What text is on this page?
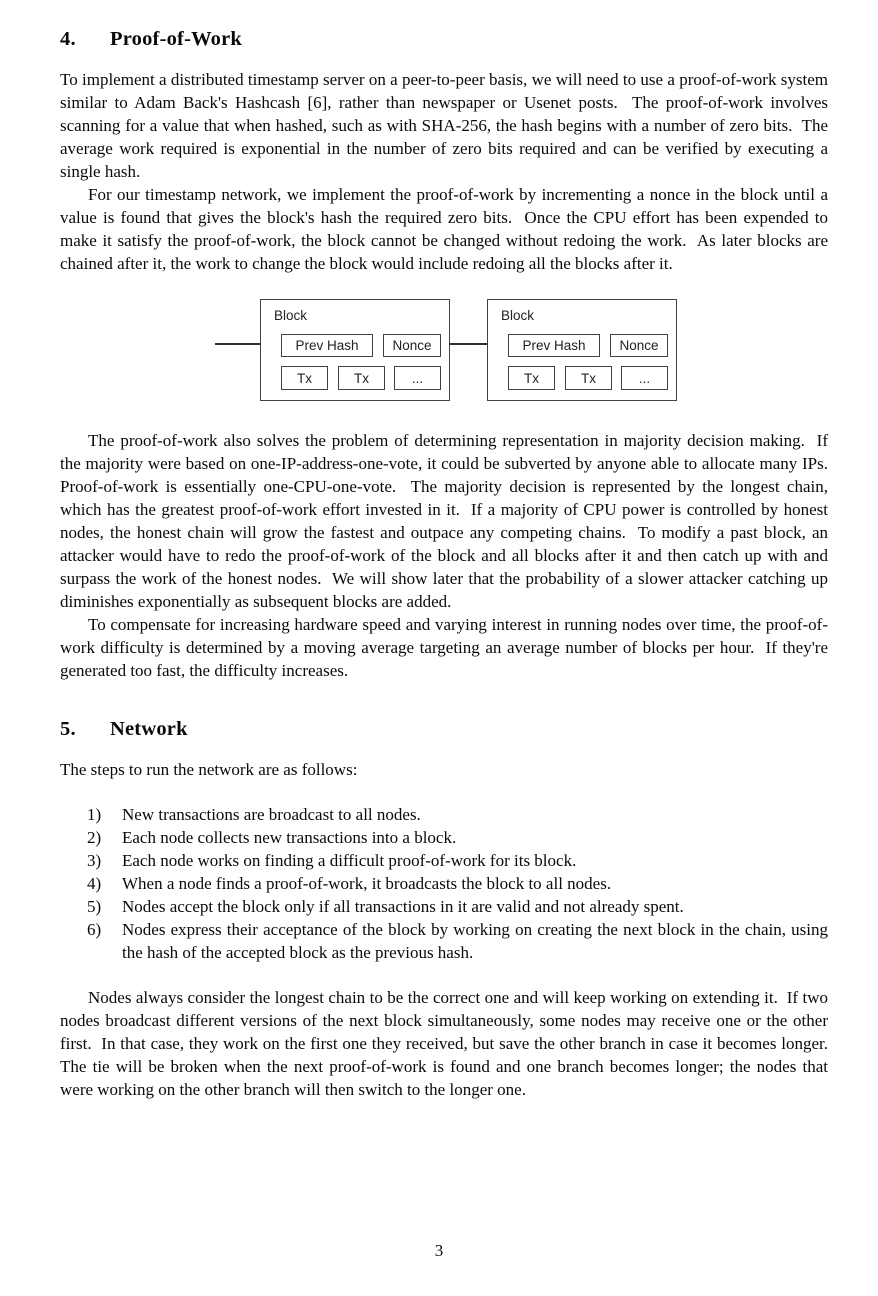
4.	Proof-of-Work

To implement a distributed timestamp server on a peer-to-peer basis, we will need to use a proof-of-work system similar to Adam Back's Hashcash [6], rather than newspaper or Usenet posts.  The proof-of-work involves scanning for a value that when hashed, such as with SHA-256, the hash begins with a number of zero bits.  The average work required is exponential in the number of zero bits required and can be verified by executing a single hash.

For our timestamp network, we implement the proof-of-work by incrementing a nonce in the block until a value is found that gives the block's hash the required zero bits.  Once the CPU effort has been expended to make it satisfy the proof-of-work, the block cannot be changed without redoing the work.  As later blocks are chained after it, the work to change the block would include redoing all the blocks after it.

Block
Prev Hash	Nonce
Tx	Tx	...
Block
Prev Hash	Nonce
Tx	Tx	...

The proof-of-work also solves the problem of determining representation in majority decision making.  If the majority were based on one-IP-address-one-vote, it could be subverted by anyone able to allocate many IPs.  Proof-of-work is essentially one-CPU-one-vote.  The majority decision is represented by the longest chain, which has the greatest proof-of-work effort invested in it.  If a majority of CPU power is controlled by honest nodes, the honest chain will grow the fastest and outpace any competing chains.  To modify a past block, an attacker would have to redo the proof-of-work of the block and all blocks after it and then catch up with and surpass the work of the honest nodes.  We will show later that the probability of a slower attacker catching up diminishes exponentially as subsequent blocks are added.

To compensate for increasing hardware speed and varying interest in running nodes over time, the proof-of-work difficulty is determined by a moving average targeting an average number of blocks per hour.  If they're generated too fast, the difficulty increases.

5.	Network

The steps to run the network are as follows:

1)	New transactions are broadcast to all nodes.
2)	Each node collects new transactions into a block.
3)	Each node works on finding a difficult proof-of-work for its block.
4)	When a node finds a proof-of-work, it broadcasts the block to all nodes.
5)	Nodes accept the block only if all transactions in it are valid and not already spent.
6)	Nodes express their acceptance of the block by working on creating the next block in the chain, using the hash of the accepted block as the previous hash.

Nodes always consider the longest chain to be the correct one and will keep working on extending it.  If two nodes broadcast different versions of the next block simultaneously, some nodes may receive one or the other first.  In that case, they work on the first one they received, but save the other branch in case it becomes longer.  The tie will be broken when the next proof-of-work is found and one branch becomes longer; the nodes that were working on the other branch will then switch to the longer one.

3
